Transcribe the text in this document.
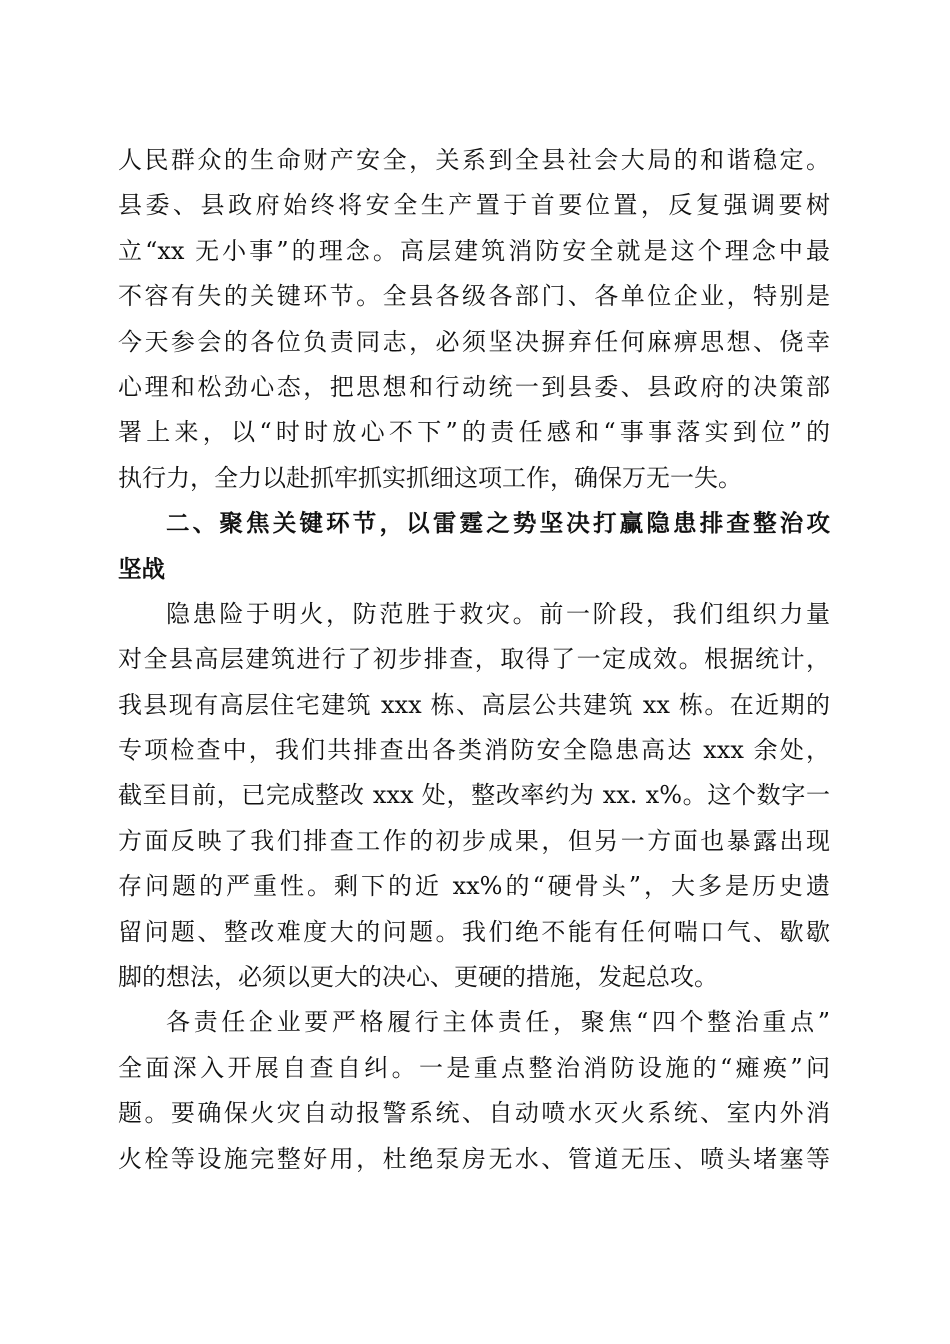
人民群众的生命财产安全，关系到全县社会大局的和谐稳定。
县委、县政府始终将安全生产置于首要位置，反复强调要树
立“xx 无小事”的理念。高层建筑消防安全就是这个理念中最
不容有失的关键环节。全县各级各部门、各单位企业，特别是
今天参会的各位负责同志，必须坚决摒弃任何麻痹思想、侥幸
心理和松劲心态，把思想和行动统一到县委、县政府的决策部
署上来，以“时时放心不下”的责任感和“事事落实到位”的
执行力，全力以赴抓牢抓实抓细这项工作，确保万无一失。
二、聚焦关键环节，以雷霆之势坚决打赢隐患排查整治攻
坚战
隐患险于明火，防范胜于救灾。前一阶段，我们组织力量
对全县高层建筑进行了初步排查，取得了一定成效。根据统计，
我县现有高层住宅建筑 xxx 栋、高层公共建筑 xx 栋。在近期的
专项检查中，我们共排查出各类消防安全隐患高达 xxx 余处，
截至目前，已完成整改 xxx 处，整改率约为 xx. x%。这个数字一
方面反映了我们排查工作的初步成果，但另一方面也暴露出现
存问题的严重性。剩下的近 xx%的“硬骨头”，大多是历史遗
留问题、整改难度大的问题。我们绝不能有任何喘口气、歇歇
脚的想法，必须以更大的决心、更硬的措施，发起总攻。
各责任企业要严格履行主体责任，聚焦“四个整治重点”
全面深入开展自查自纠。一是重点整治消防设施的“瘫痪”问
题。要确保火灾自动报警系统、自动喷水灭火系统、室内外消
火栓等设施完整好用，杜绝泵房无水、管道无压、喷头堵塞等
